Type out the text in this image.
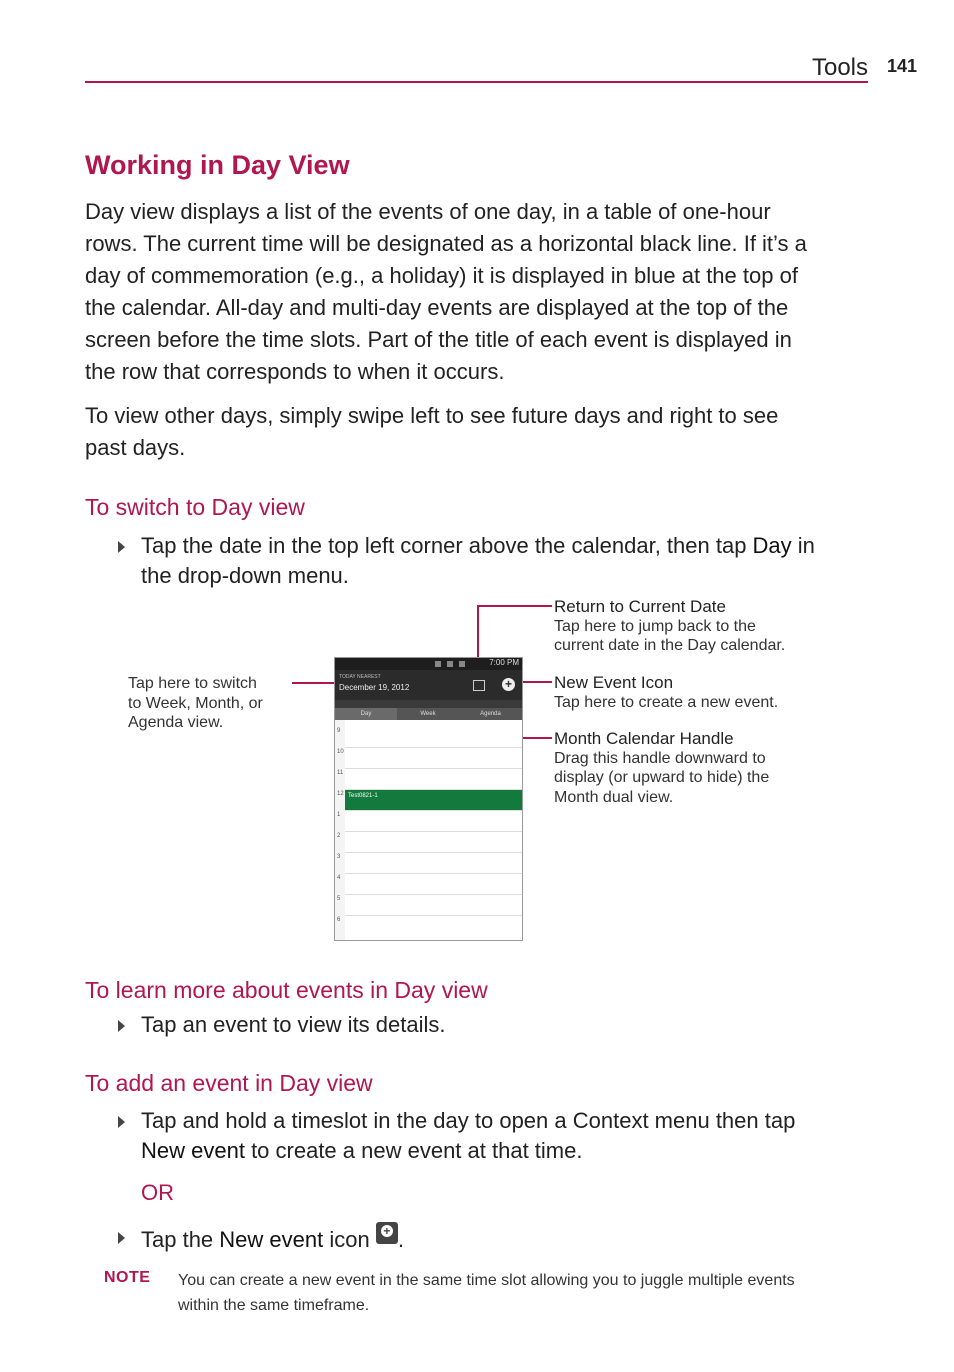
Tools 141
Working in Day View
Day view displays a list of the events of one day, in a table of one-hour
rows. The current time will be designated as a horizontal black line. If it’s a
day of commemoration (e.g., a holiday) it is displayed in blue at the top of
the calendar. All-day and multi-day events are displayed at the top of the
screen before the time slots. Part of the title of each event is displayed in
the row that corresponds to when it occurs.
To view other days, simply swipe left to see future days and right to see
past days.
To switch to Day view
Tap the date in the top left corner above the calendar, then tap Day in
the drop-down menu.
Tap here to switch
to Week, Month, or
Agenda view.
Return to Current Date
Tap here to jump back to the
current date in the Day calendar.
New Event Icon
Tap here to create a new event.
Month Calendar Handle
Drag this handle downward to
display (or upward to hide) the
Month dual view.
7:00 PM
TODAY NEAREST
December 19, 2012	+
Day	Week	Agenda
9
10
11
12
1
2
3
4
5
6
Test0821-1
To learn more about events in Day view
Tap an event to view its details.
To add an event in Day view
Tap and hold a timeslot in the day to open a Context menu then tap
New event to create a new event at that time.
OR
Tap the New event icon +.
NOTE You can create a new event in the same time slot allowing you to juggle multiple events
within the same timeframe.
